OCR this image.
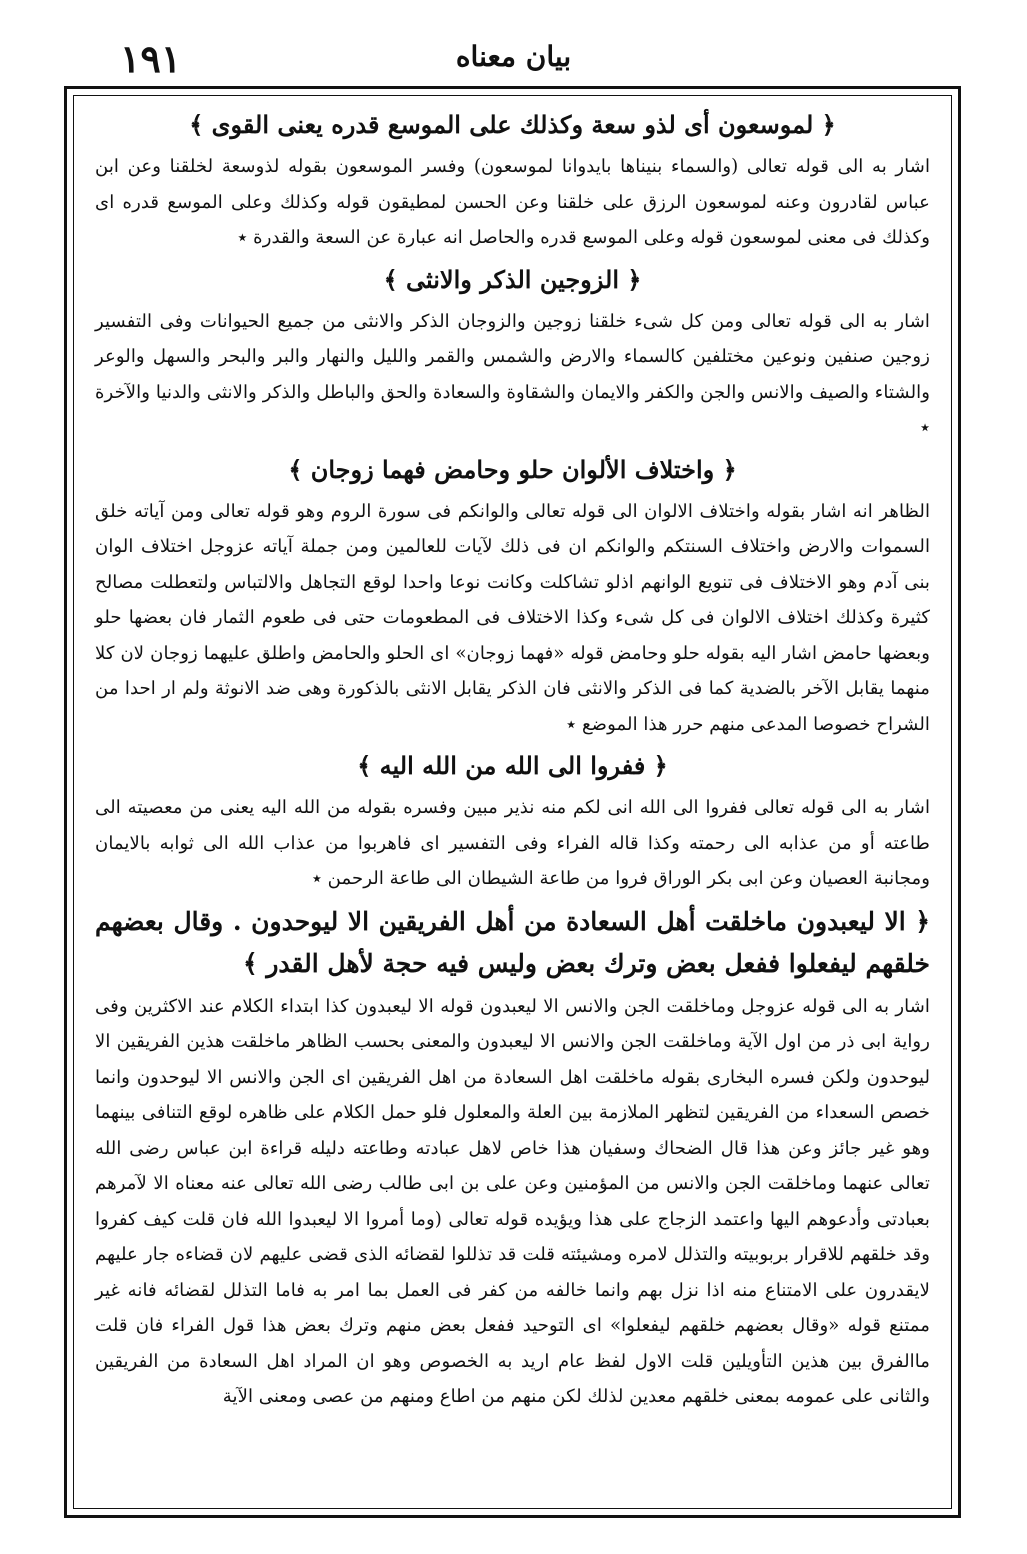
١٩١	بیان معناه
﴿ لموسعون أی لذو سعة وكذلك علی الموسع قدره يعنی القوی ﴾

اشار به الی قوله تعالی (والسماء بنیناها بایدوانا لموسعون) وفسر الموسعون بقوله لذوسعة لخلقنا وعن ابن عباس لقادرون وعنه لموسعون الرزق علی خلقنا وعن الحسن لمطيقون قوله وكذلك وعلی الموسع قدره ای وكذلك فی معنی لموسعون قوله وعلی الموسع قدره والحاصل انه عبارة عن السعة والقدرة ٭

﴿ الزوجين الذكر والانثی ﴾

اشار به الی قوله تعالی ومن كل شیء خلقنا زوجین والزوجان الذكر والانثی من جمیع الحیوانات وفی التفسیر زوجین صنفین ونوعین مختلفین كالسماء والارض والشمس والقمر واللیل والنهار والبر والبحر والسهل والوعر والشتاء والصیف والانس والجن والكفر والایمان والشقاوة والسعادة والحق والباطل والذكر والانثی والدنیا والآخرة ٭

﴿ واختلاف الألوان حلو وحامض فهما زوجان ﴾

الظاهر انه اشار بقوله واختلاف الالوان الی قوله تعالی والوانكم فی سورة الروم وهو قوله تعالی ومن آیاته خلق السموات والارض واختلاف السنتكم والوانكم ان فی ذلك لآیات للعالمین ومن جملة آیاته عزوجل اختلاف الوان بنی آدم وهو الاختلاف فی تنویع الوانهم اذلو تشاكلت وكانت نوعا واحدا لوقع التجاهل والالتباس ولتعطلت مصالح كثیرة وكذلك اختلاف الالوان فی كل شیء وكذا الاختلاف فی المطعومات حتی فی طعوم الثمار فان بعضها حلو وبعضها حامض اشار الیه بقوله حلو وحامض قوله «فهما زوجان» ای الحلو والحامض واطلق علیهما زوجان لان كلا منهما یقابل الآخر بالضدیة كما فی الذكر والانثی فان الذكر یقابل الانثی بالذكورة وهی ضد الانوثة ولم ار احدا من الشراح خصوصا المدعی منهم حرر هذا الموضع ٭

﴿ ففروا الی الله من الله الیه ﴾

اشار به الی قوله تعالی ففروا الی الله انی لكم منه نذیر مبین وفسره بقوله من الله الیه یعنی من معصیته الی طاعته أو من عذابه الی رحمته وكذا قاله الفراء وفی التفسیر ای فاهربوا من عذاب الله الی ثوابه بالایمان ومجانبة العصیان وعن ابی بكر الوراق فروا من طاعة الشیطان الی طاعة الرحمن ٭

﴿ الا لیعبدون ماخلقت أهل السعادة من أهل الفریقین الا لیوحدون . وقال بعضهم خلقهم لیفعلوا ففعل بعض وترك بعض ولیس فیه حجة لأهل القدر ﴾

اشار به الی قوله عزوجل وماخلقت الجن والانس الا لیعبدون قوله الا لیعبدون كذا ابتداء الكلام عند الاكثرین وفی روایة ابی ذر من اول الآیة وماخلقت الجن والانس الا لیعبدون والمعنی بحسب الظاهر ماخلقت هذین الفریقین الا لیوحدون ولكن فسره البخاری بقوله ماخلقت اهل السعادة من اهل الفریقین ای الجن والانس الا لیوحدون وانما خصص السعداء من الفریقین لتظهر الملازمة بین العلة والمعلول فلو حمل الكلام علی ظاهره لوقع التنافی بینهما وهو غیر جائز وعن هذا قال الضحاك وسفیان هذا خاص لاهل عبادته وطاعته دلیله قراءة ابن عباس رضی الله تعالی عنهما وماخلقت الجن والانس من المؤمنین وعن علی بن ابی طالب رضی الله تعالی عنه معناه الا لآمرهم بعبادتی وأدعوهم الیها واعتمد الزجاج علی هذا ویؤیده قوله تعالی (وما أمروا الا لیعبدوا الله فان قلت كیف كفروا وقد خلقهم للاقرار بربوبیته والتذلل لامره ومشیئته قلت قد تذللوا لقضائه الذی قضی علیهم لان قضاءه جار علیهم لایقدرون علی الامتناع منه اذا نزل بهم وانما خالفه من كفر فی العمل بما امر به فاما التذلل لقضائه فانه غیر ممتنع قوله «وقال بعضهم خلقهم لیفعلوا» ای التوحید ففعل بعض منهم وترك بعض هذا قول الفراء فان قلت ماالفرق بین هذین التأویلین قلت الاول لفظ عام ارید به الخصوص وهو ان المراد اهل السعادة من الفریقین والثانی علی عمومه بمعنی خلقهم معدین لذلك لكن منهم من اطاع ومنهم من عصی ومعنی الآیة
